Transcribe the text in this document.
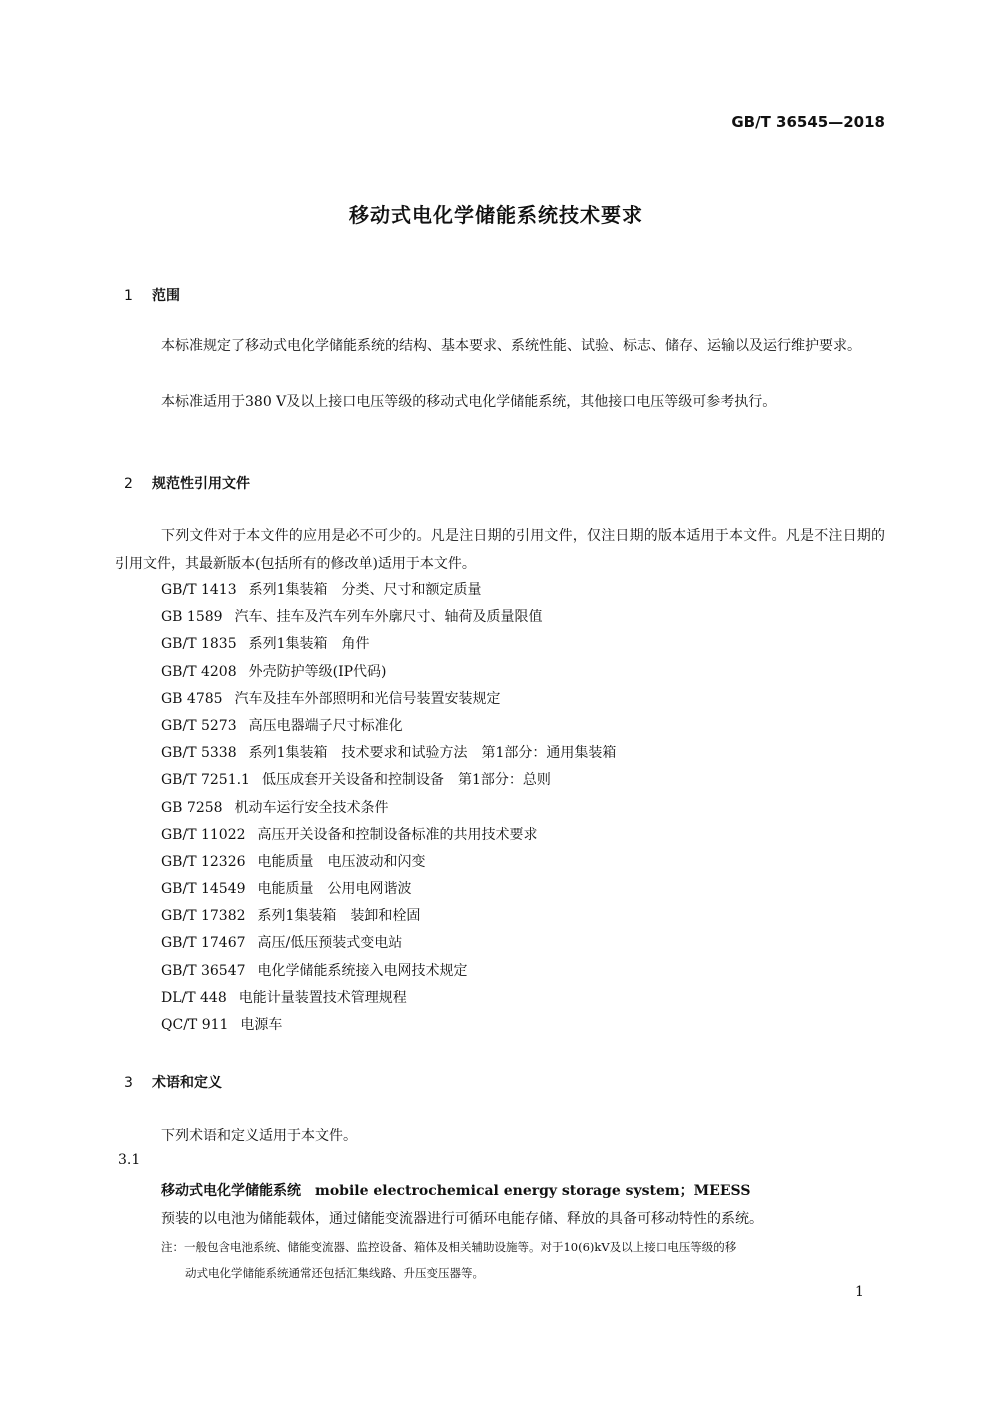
GB/T 36545—2018
移动式电化学储能系统技术要求
1 范围
本标准规定了移动式电化学储能系统的结构、基本要求、系统性能、试验、标志、储存、运输以及运行维护要求。
本标准适用于380 V及以上接口电压等级的移动式电化学储能系统，其他接口电压等级可参考执行。
2 规范性引用文件
下列文件对于本文件的应用是必不可少的。凡是注日期的引用文件，仅注日期的版本适用于本文件。凡是不注日期的引用文件，其最新版本(包括所有的修改单)适用于本文件。
GB/T 1413 系列1集装箱　分类、尺寸和额定质量
GB 1589 汽车、挂车及汽车列车外廓尺寸、轴荷及质量限值
GB/T 1835 系列1集装箱　角件
GB/T 4208 外壳防护等级(IP代码)
GB 4785 汽车及挂车外部照明和光信号装置安装规定
GB/T 5273 高压电器端子尺寸标准化
GB/T 5338 系列1集装箱　技术要求和试验方法　第1部分：通用集装箱
GB/T 7251.1 低压成套开关设备和控制设备　第1部分：总则
GB 7258 机动车运行安全技术条件
GB/T 11022 高压开关设备和控制设备标准的共用技术要求
GB/T 12326 电能质量　电压波动和闪变
GB/T 14549 电能质量　公用电网谐波
GB/T 17382 系列1集装箱　装卸和栓固
GB/T 17467 高压/低压预装式变电站
GB/T 36547 电化学储能系统接入电网技术规定
DL/T 448 电能计量装置技术管理规程
QC/T 911 电源车
3 术语和定义
下列术语和定义适用于本文件。
3.1
移动式电化学储能系统 mobile electrochemical energy storage system；MEESS
预装的以电池为储能载体，通过储能变流器进行可循环电能存储、释放的具备可移动特性的系统。
注：一般包含电池系统、储能变流器、监控设备、箱体及相关辅助设施等。对于10(6)kV及以上接口电压等级的移
动式电化学储能系统通常还包括汇集线路、升压变压器等。
1
